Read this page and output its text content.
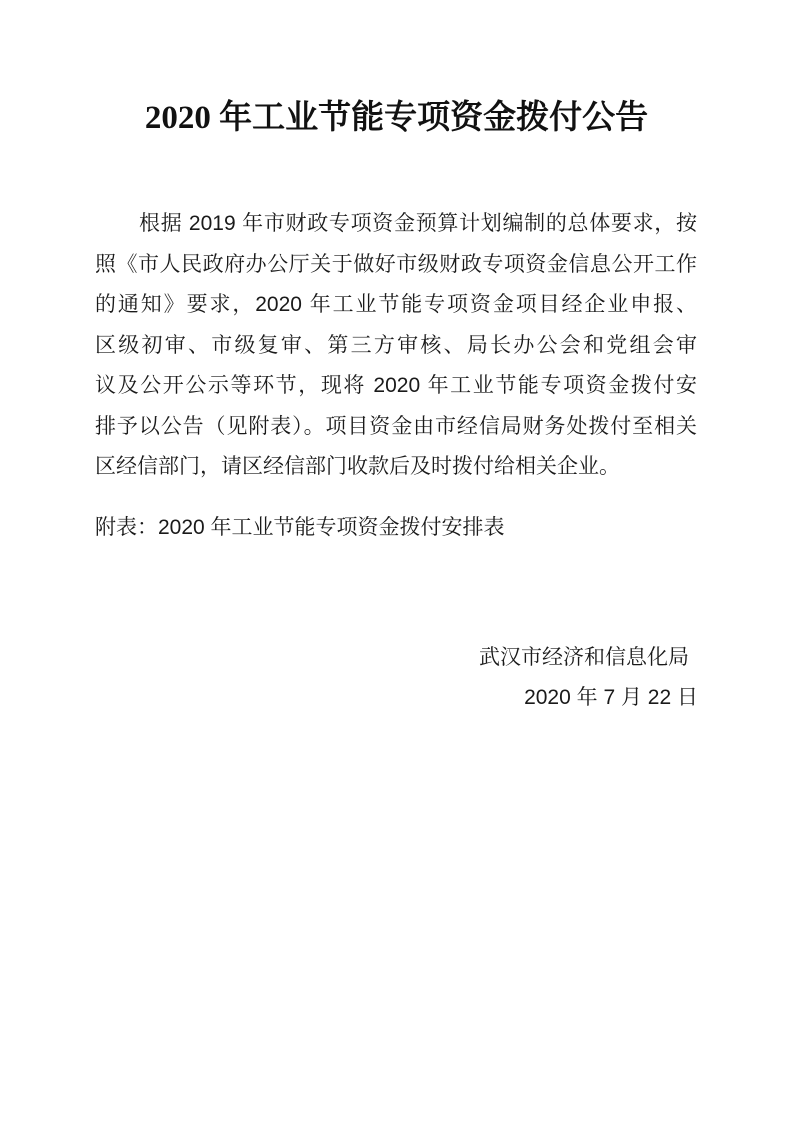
2020 年工业节能专项资金拨付公告
根据 2019 年市财政专项资金预算计划编制的总体要求，按
照《市人民政府办公厅关于做好市级财政专项资金信息公开工作
的通知》要求，2020 年工业节能专项资金项目经企业申报、
区级初审、市级复审、第三方审核、局长办公会和党组会审
议及公开公示等环节，现将 2020 年工业节能专项资金拨付安
排予以公告（见附表）。项目资金由市经信局财务处拨付至相关
区经信部门，请区经信部门收款后及时拨付给相关企业。
附表：2020 年工业节能专项资金拨付安排表
武汉市经济和信息化局
2020 年 7 月 22 日
